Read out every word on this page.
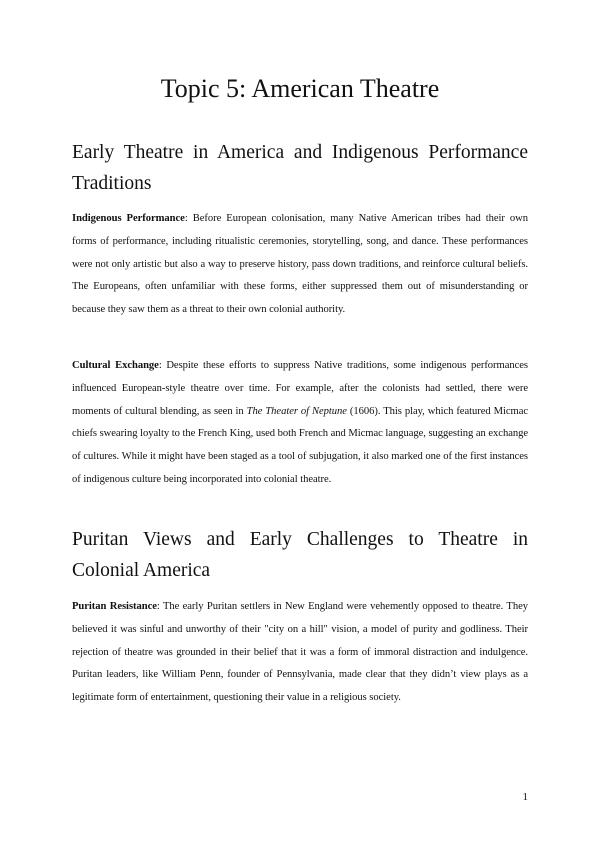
Topic 5: American Theatre
Early Theatre in America and Indigenous Performance Traditions

Indigenous Performance: Before European colonisation, many Native American tribes had their own forms of performance, including ritualistic ceremonies, storytelling, song, and dance. These performances were not only artistic but also a way to preserve history, pass down traditions, and reinforce cultural beliefs. The Europeans, often unfamiliar with these forms, either suppressed them out of misunderstanding or because they saw them as a threat to their own colonial authority.

Cultural Exchange: Despite these efforts to suppress Native traditions, some indigenous performances influenced European-style theatre over time. For example, after the colonists had settled, there were moments of cultural blending, as seen in The Theater of Neptune (1606). This play, which featured Micmac chiefs swearing loyalty to the French King, used both French and Micmac language, suggesting an exchange of cultures. While it might have been staged as a tool of subjugation, it also marked one of the first instances of indigenous culture being incorporated into colonial theatre.

Puritan Views and Early Challenges to Theatre in
Colonial America

Puritan Resistance: The early Puritan settlers in New England were vehemently opposed to theatre. They believed it was sinful and unworthy of their "city on a hill" vision, a model of purity and godliness. Their rejection of theatre was grounded in their belief that it was a form of immoral distraction and indulgence. Puritan leaders, like William Penn, founder of Pennsylvania, made clear that they didn’t view plays as a legitimate form of entertainment, questioning their value in a religious society.

1
